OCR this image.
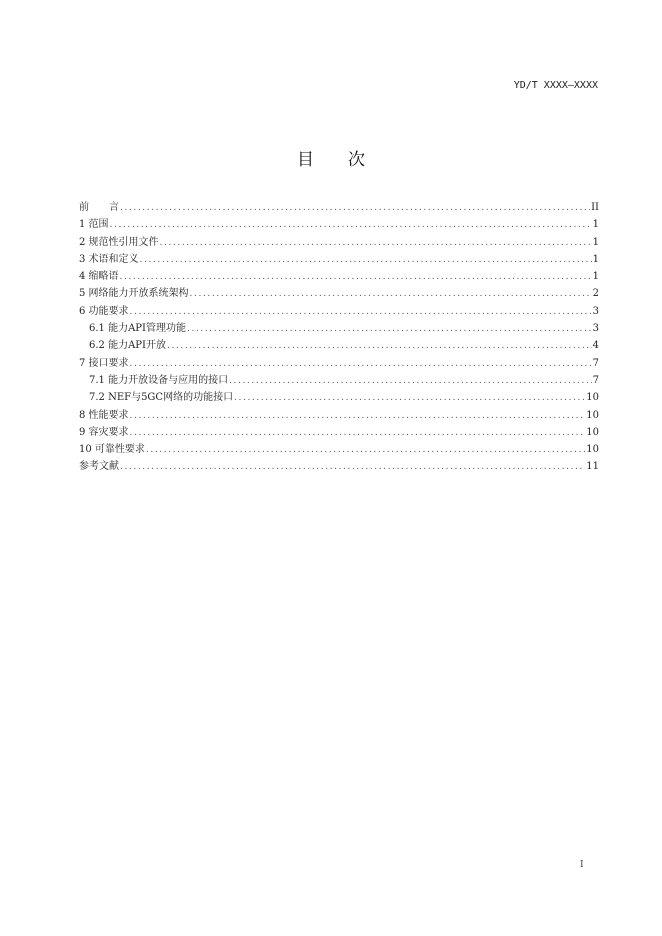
YD/T XXXX—XXXX
目次
前　　言 .....	II
1 范围 .....	1
2 规范性引用文件 .....	1
3 术语和定义 .....	1
4 缩略语 .....	1
5 网络能力开放系统架构 .....	2
6 功能要求 .....	3
6.1 能力API管理功能 .....	3
6.2 能力API开放 .....	4
7 接口要求 .....	7
7.1 能力开放设备与应用的接口 .....	7
7.2 NEF与5GC网络的功能接口 .....	10
8 性能要求 .....	10
9 容灾要求 .....	10
10 可靠性要求 .....	10
参考文献 .....	11
I
